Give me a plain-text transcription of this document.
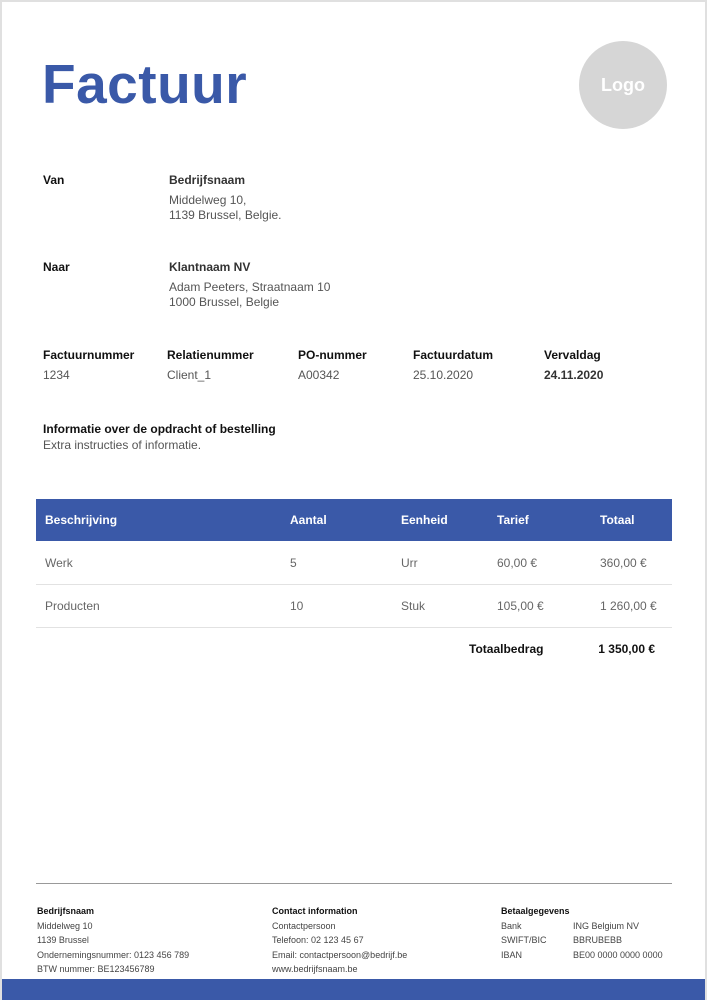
Factuur	Logo
Van	Bedrijfsnaam
Middelweg 10,
1139 Brussel, Belgie.
Naar	Klantnaam NV
Adam Peeters, Straatnaam 10
1000 Brussel, Belgie
Factuurnummer	Relatienummer	PO-nummer	Factuurdatum	Vervaldag
1234	Client_1	A00342	25.10.2020	24.11.2020
Informatie over de opdracht of bestelling
Extra instructies of informatie.
Beschrijving	Aantal	Eenheid	Tarief	Totaal
Werk	5	Urr	60,00 €	360,00 €
Producten	10	Stuk	105,00 €	1 260,00 €
Totaalbedrag	1 350,00 €
Bedrijfsnaam
Middelweg 10
1139 Brussel
Ondernemingsnummer: 0123 456 789
BTW nummer: BE123456789
Contact information
Contactpersoon
Telefoon: 02 123 45 67
Email: contactpersoon@bedrijf.be
www.bedrijfsnaam.be
Betaalgegevens
Bank	ING Belgium NV
SWIFT/BIC	BBRUBEBB
IBAN	BE00 0000 0000 0000
